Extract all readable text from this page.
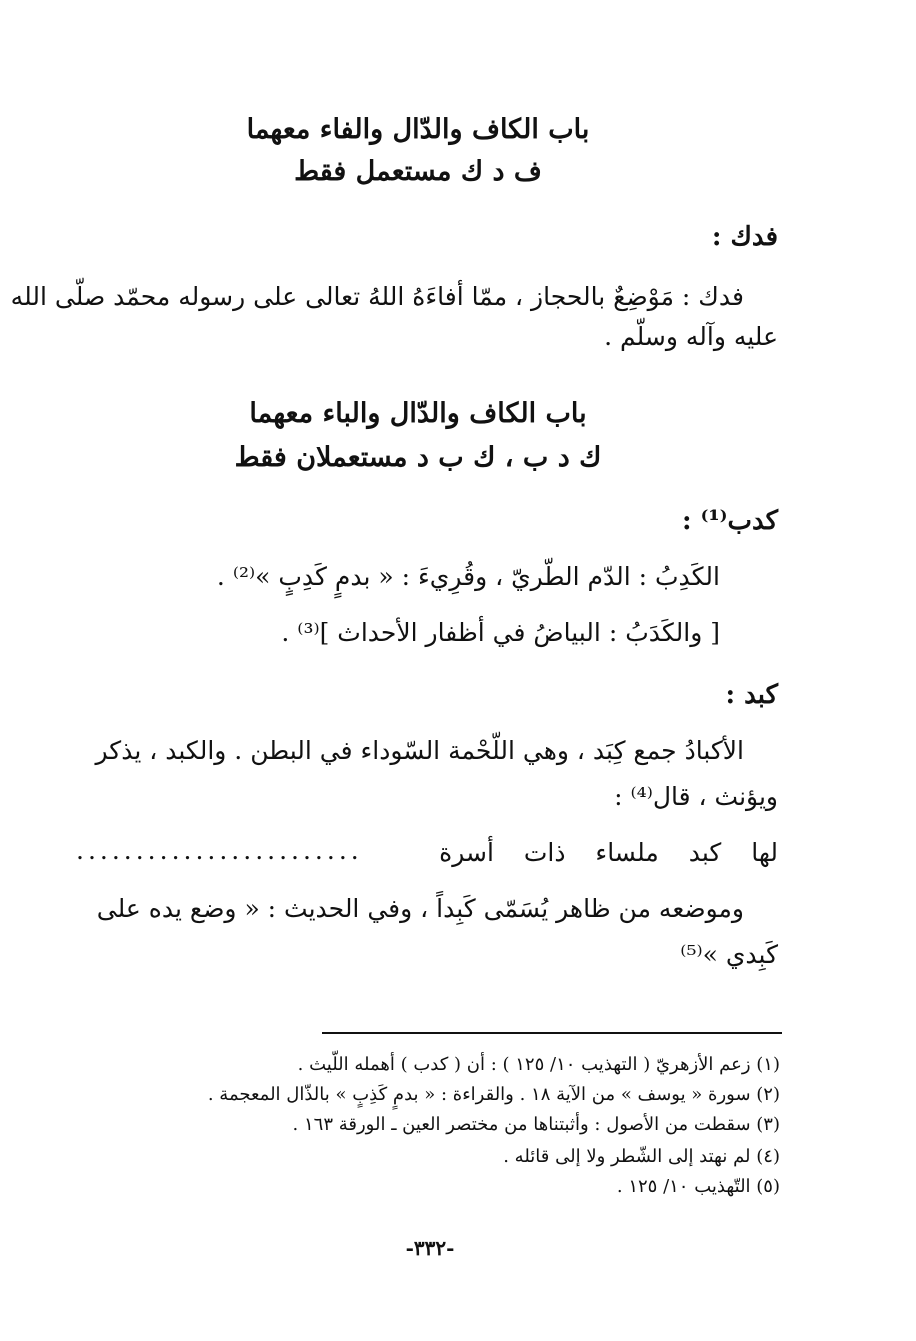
باب الكاف والدّال والفاء معهما
ف د ك مستعمل فقط
فدك :
فدك : مَوْضِعٌ بالحجاز ، ممّا أفاءَهُ اللهُ تعالى على رسوله محمّد صلّى الله
عليه وآله وسلّم .
باب الكاف والدّال والباء معهما
ك د ب ، ك ب د مستعملان فقط
كدب⁽¹⁾ :
الكَدِبُ : الدّم الطّريّ ، وقُرِيءَ : « بدمٍ كَدِبٍ »⁽²⁾ .
[ والكَدَبُ : البياضُ في أظفار الأحداث ]⁽³⁾ .
كبد :
الأكبادُ جمع كِبَد ، وهي اللّحْمة السّوداء في البطن . والكبد ، يذكر
ويؤنث ، قال⁽⁴⁾ :
لها كبد ملساء ذات أسرة
........................
وموضعه من ظاهر يُسَمّى كَبِداً ، وفي الحديث : « وضع يده على
كَبِدي »⁽⁵⁾
(١) زعم الأزهريّ ( التهذيب ١٠/ ١٢٥ ) : أن ( كدب ) أهمله اللّيث .
(٢) سورة « يوسف » من الآية ١٨ . والقراءة : « بدمٍ كَذِبٍ » بالذّال المعجمة .
(٣) سقطت من الأصول : وأثبتناها من مختصر العين ـ الورقة ١٦٣ .
(٤) لم نهتد إلى الشّطر ولا إلى قائله .
(٥) التّهذيب ١٠/ ١٢٥ .
-٣٣٢-
